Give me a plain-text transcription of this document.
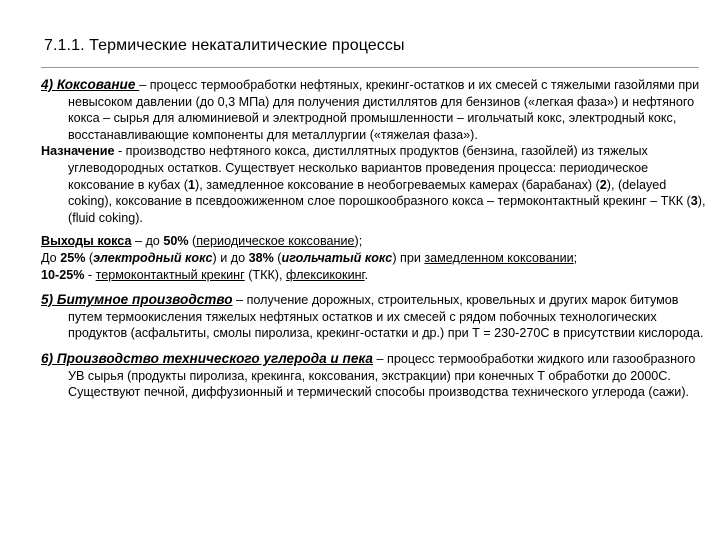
7.1.1. Термические некаталитические процессы

4) Коксование – процесс термообработки нефтяных, крекинг-остатков и их смесей с тяжелыми газойлями при невысоком давлении (до 0,3 МПа) для получения дистиллятов для бензинов («легкая фаза») и нефтяного кокса – сырья для алюминиевой и электродной промышленности – игольчатый кокс, электродный кокс, восстанавливающие компоненты для металлургии («тяжелая фаза»).

Назначение - производство нефтяного кокса, дистиллятных продуктов (бензина, газойлей) из тяжелых углеводородных остатков. Существует несколько вариантов проведения процесса: периодическое коксование в кубах (1), замедленное коксование в необогреваемых камерах (барабанах) (2), (delayed coking), коксование в псевдоожиженном слое порошкообразного кокса – термоконтактный крекинг – ТКК (3), (fluid coking).

Выходы кокса – до 50% (периодическое коксование);

До 25% (электродный кокс) и до 38% (игольчатый кокс) при замедленном коксовании;

10-25% - термоконтактный крекинг (ТКК), флексикокинг.

5) Битумное производство – получение дорожных, строительных, кровельных и других марок битумов путем термоокисления тяжелых нефтяных остатков и их смесей с рядом побочных технологических продуктов (асфальтиты, смолы пиролиза, крекинг-остатки и др.) при Т = 230-270С в присутствии кислорода.

6) Производство технического углерода и пека – процесс термообработки жидкого или газообразного УВ сырья (продукты пиролиза, крекинга, коксования, экстракции) при конечных Т обработки до 2000С. Существуют печной, диффузионный и термический способы производства технического углерода (сажи).
